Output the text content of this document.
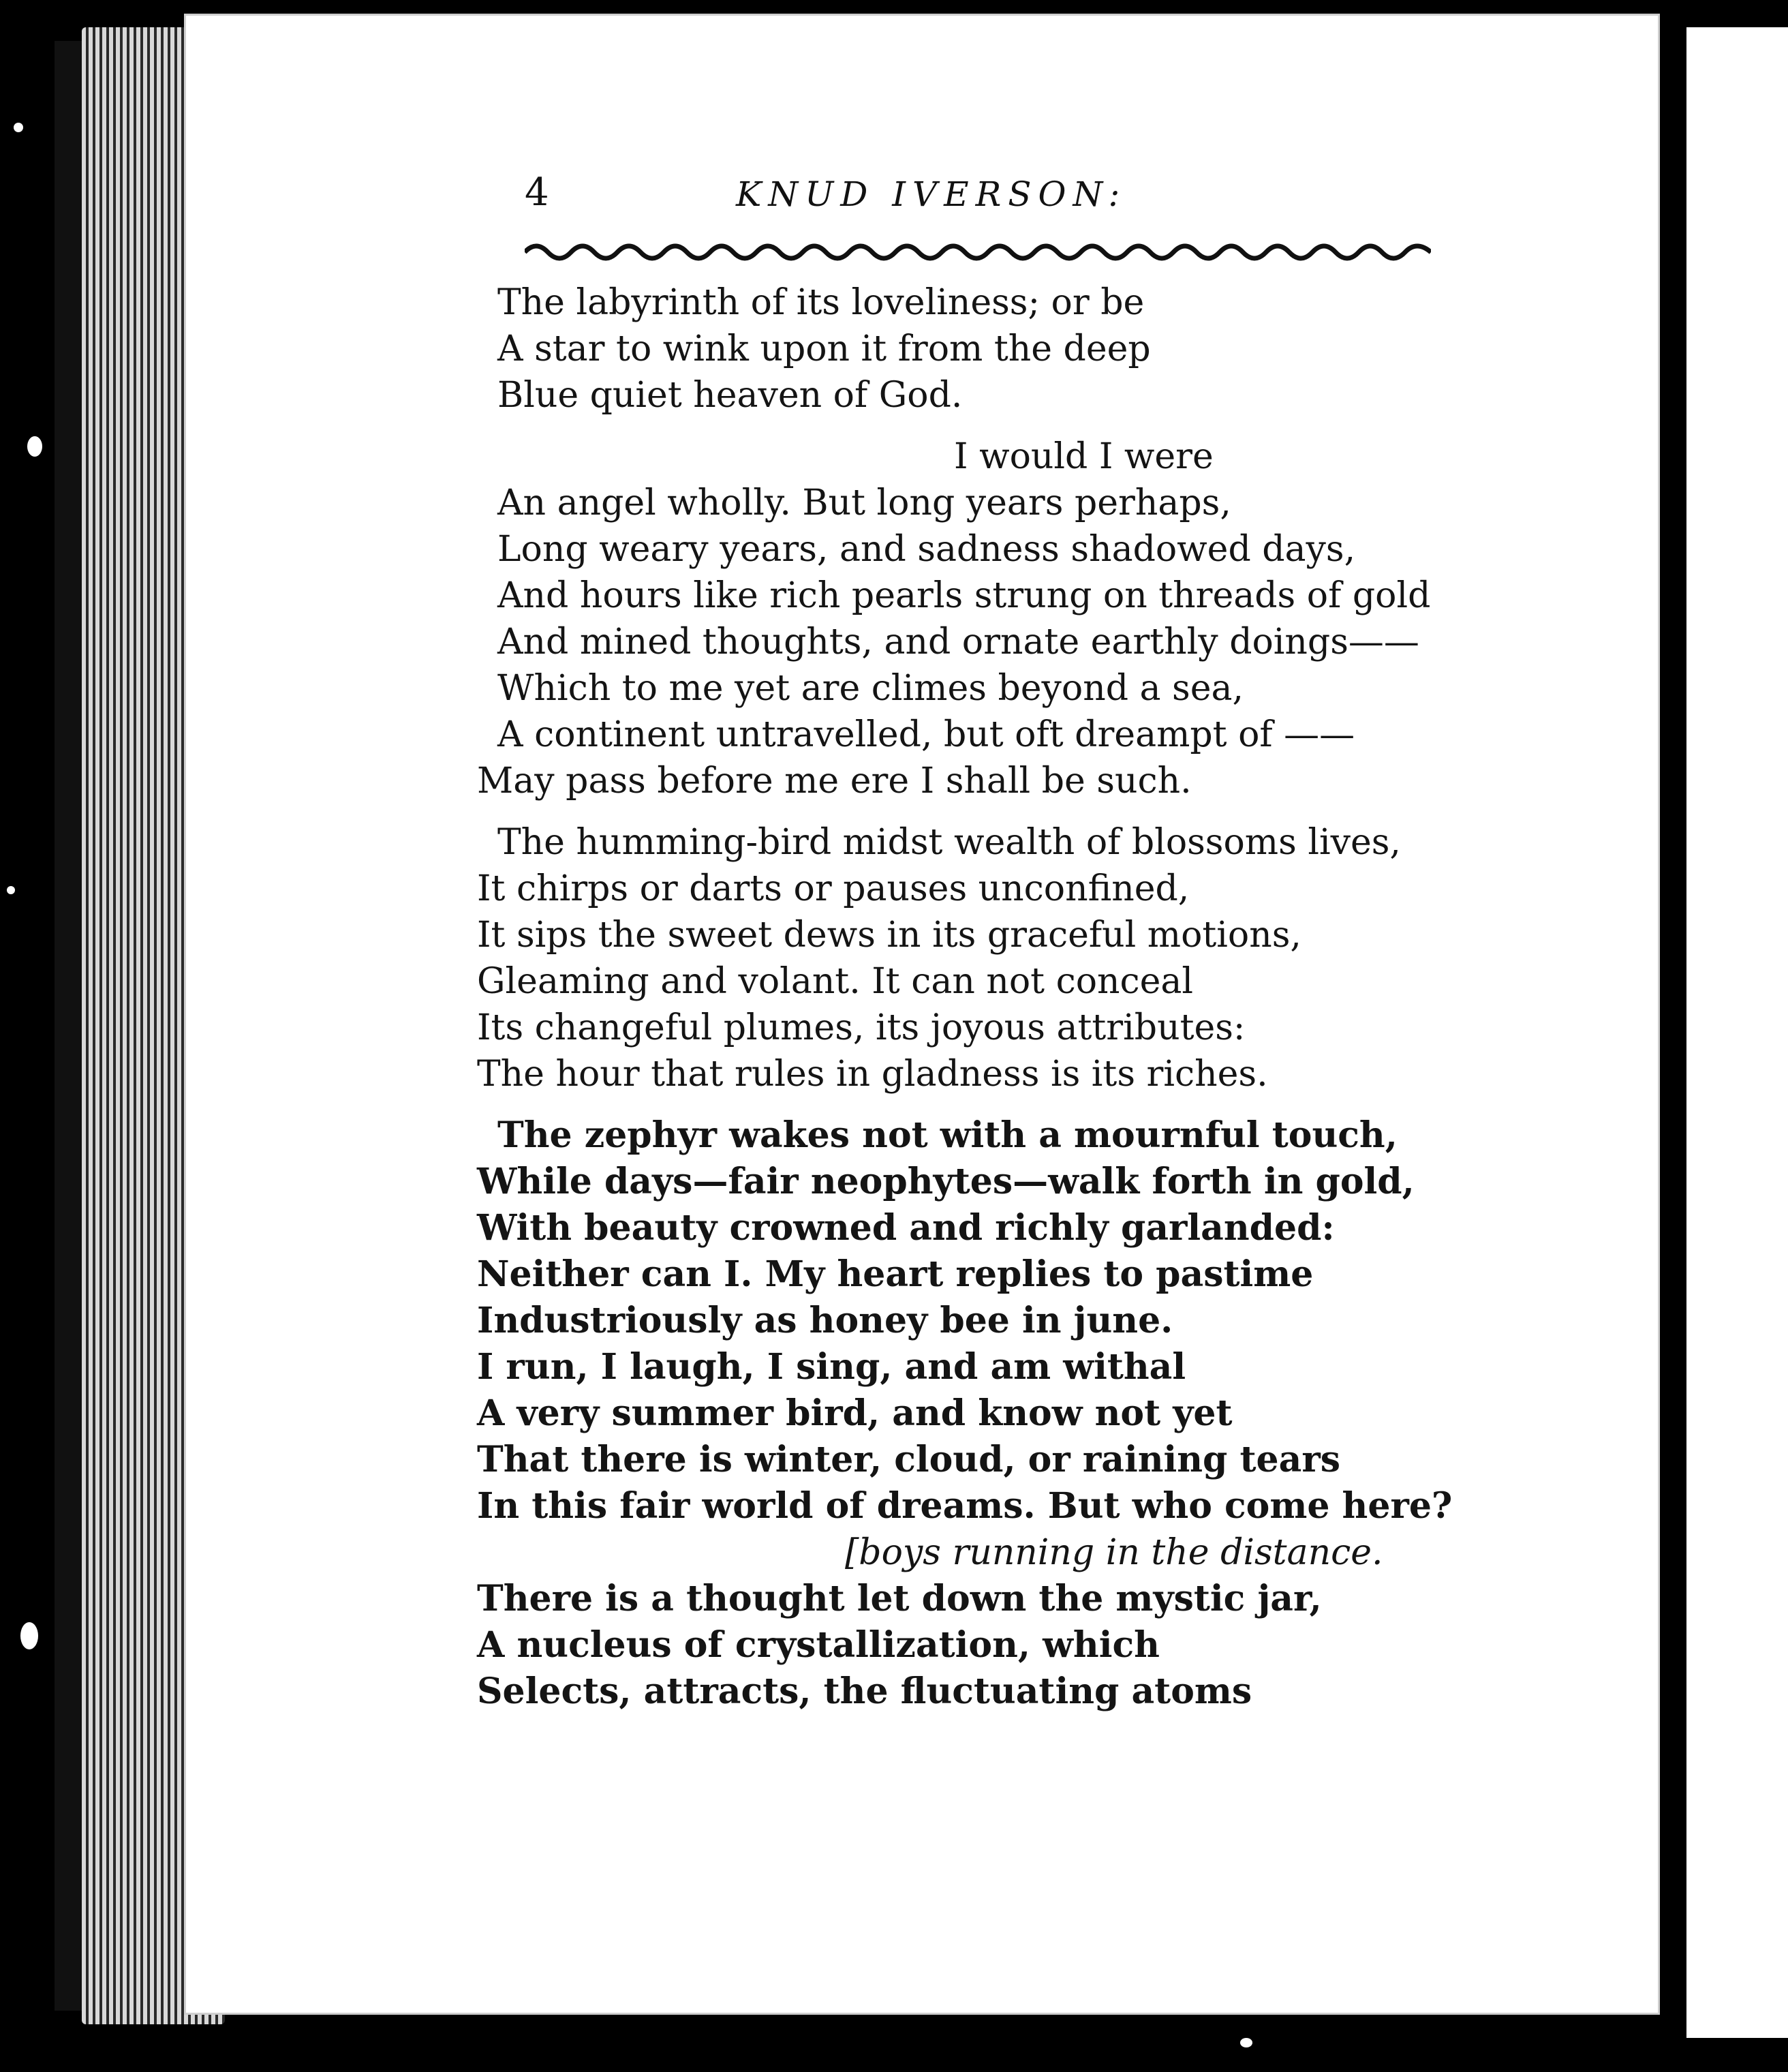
4	KNUD IVERSON:
The labyrinth of its loveliness; or be
A star to wink upon it from the deep
Blue quiet heaven of God.
I would I were
An angel wholly. But long years perhaps,
Long weary years, and sadness shadowed days,
And hours like rich pearls strung on threads of gold
And mined thoughts, and ornate earthly doings——
Which to me yet are climes beyond a sea,
A continent untravelled, but oft dreampt of ——
May pass before me ere I shall be such.
The humming-bird midst wealth of blossoms lives,
It chirps or darts or pauses unconfined,
It sips the sweet dews in its graceful motions,
Gleaming and volant. It can not conceal
Its changeful plumes, its joyous attributes:
The hour that rules in gladness is its riches.
The zephyr wakes not with a mournful touch,
While days—fair neophytes—walk forth in gold,
With beauty crowned and richly garlanded:
Neither can I. My heart replies to pastime
Industriously as honey bee in june.
I run, I laugh, I sing, and am withal
A very summer bird, and know not yet
That there is winter, cloud, or raining tears
In this fair world of dreams. But who come here?
[boys running in the distance.
There is a thought let down the mystic jar,
A nucleus of crystallization, which
Selects, attracts, the fluctuating atoms
